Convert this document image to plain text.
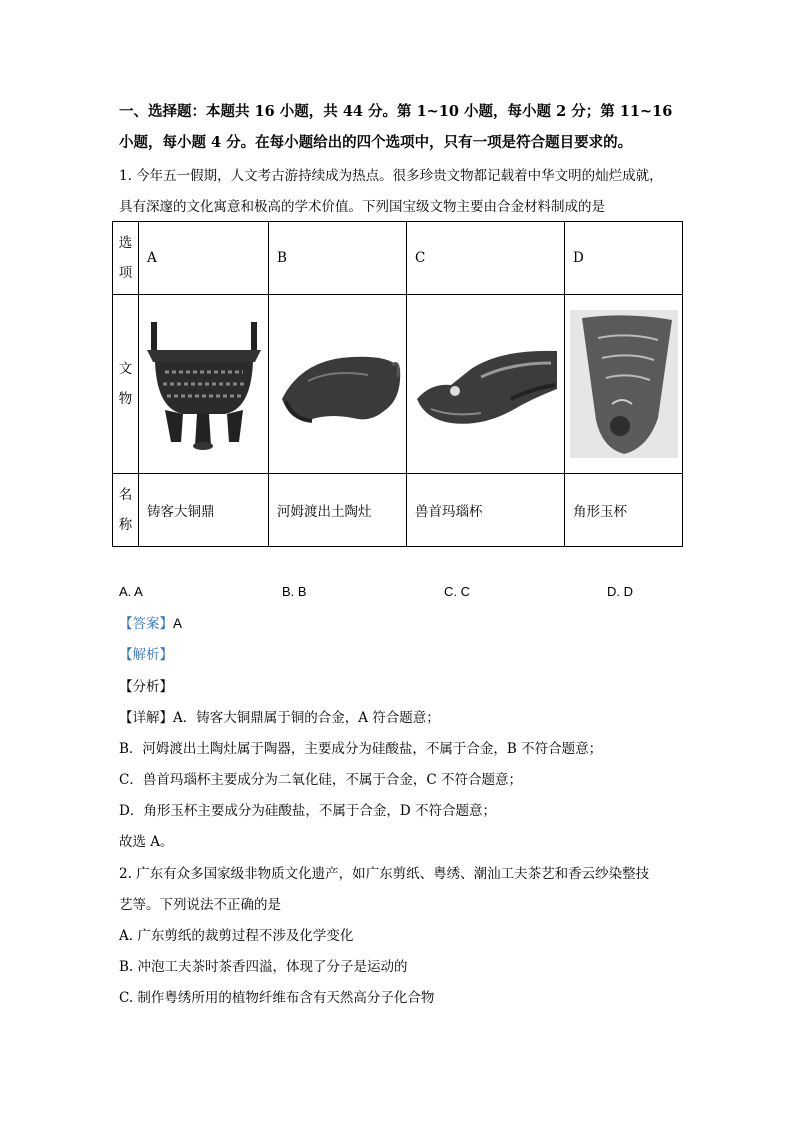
一、选择题：本题共 16 小题，共 44 分。第 1~10 小题，每小题 2 分；第 11~16
小题，每小题 4 分。在每小题给出的四个选项中，只有一项是符合题目要求的。
1. 今年五一假期，人文考古游持续成为热点。很多珍贵文物都记载着中华文明的灿烂成就，
具有深邃的文化寓意和极高的学术价值。下列国宝级文物主要由合金材料制成的是
选
项	A	B	C	D

文
物

名
称	铸客大铜鼎	河姆渡出土陶灶	兽首玛瑙杯	角形玉杯
A. A	B. B	C. C	D. D
【答案】A
【解析】
【分析】
【详解】A．铸客大铜鼎属于铜的合金，A 符合题意；
B．河姆渡出土陶灶属于陶器，主要成分为硅酸盐，不属于合金，B 不符合题意；
C．兽首玛瑙杯主要成分为二氧化硅，不属于合金，C 不符合题意；
D．角形玉杯主要成分为硅酸盐，不属于合金，D 不符合题意；
故选 A。
2. 广东有众多国家级非物质文化遗产，如广东剪纸、粤绣、潮汕工夫茶艺和香云纱染整技
艺等。下列说法不正确的是
A. 广东剪纸的裁剪过程不涉及化学变化
B. 冲泡工夫茶时茶香四溢，体现了分子是运动的
C. 制作粤绣所用的植物纤维布含有天然高分子化合物
